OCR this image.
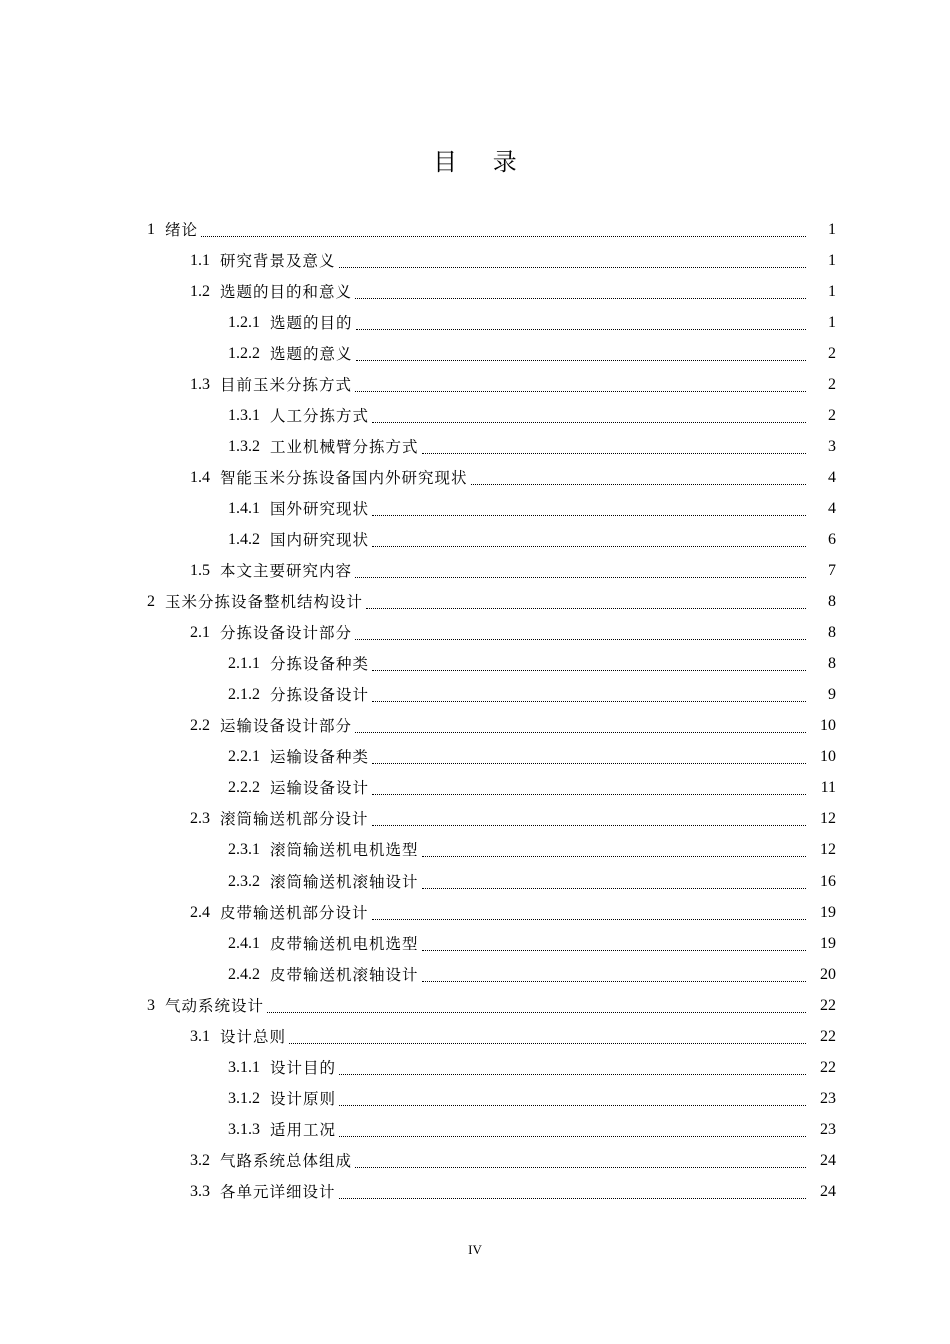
目 录
1 绪论	1
1.1 研究背景及意义	1
1.2 选题的目的和意义	1
1.2.1 选题的目的	1
1.2.2 选题的意义	2
1.3 目前玉米分拣方式	2
1.3.1 人工分拣方式	2
1.3.2 工业机械臂分拣方式	3
1.4 智能玉米分拣设备国内外研究现状	4
1.4.1 国外研究现状	4
1.4.2 国内研究现状	6
1.5 本文主要研究内容	7
2 玉米分拣设备整机结构设计	8
2.1 分拣设备设计部分	8
2.1.1 分拣设备种类	8
2.1.2 分拣设备设计	9
2.2 运输设备设计部分	10
2.2.1 运输设备种类	10
2.2.2 运输设备设计	11
2.3 滚筒输送机部分设计	12
2.3.1 滚筒输送机电机选型	12
2.3.2 滚筒输送机滚轴设计	16
2.4 皮带输送机部分设计	19
2.4.1 皮带输送机电机选型	19
2.4.2 皮带输送机滚轴设计	20
3 气动系统设计	22
3.1 设计总则	22
3.1.1 设计目的	22
3.1.2 设计原则	23
3.1.3 适用工况	23
3.2 气路系统总体组成	24
3.3 各单元详细设计	24
IV
